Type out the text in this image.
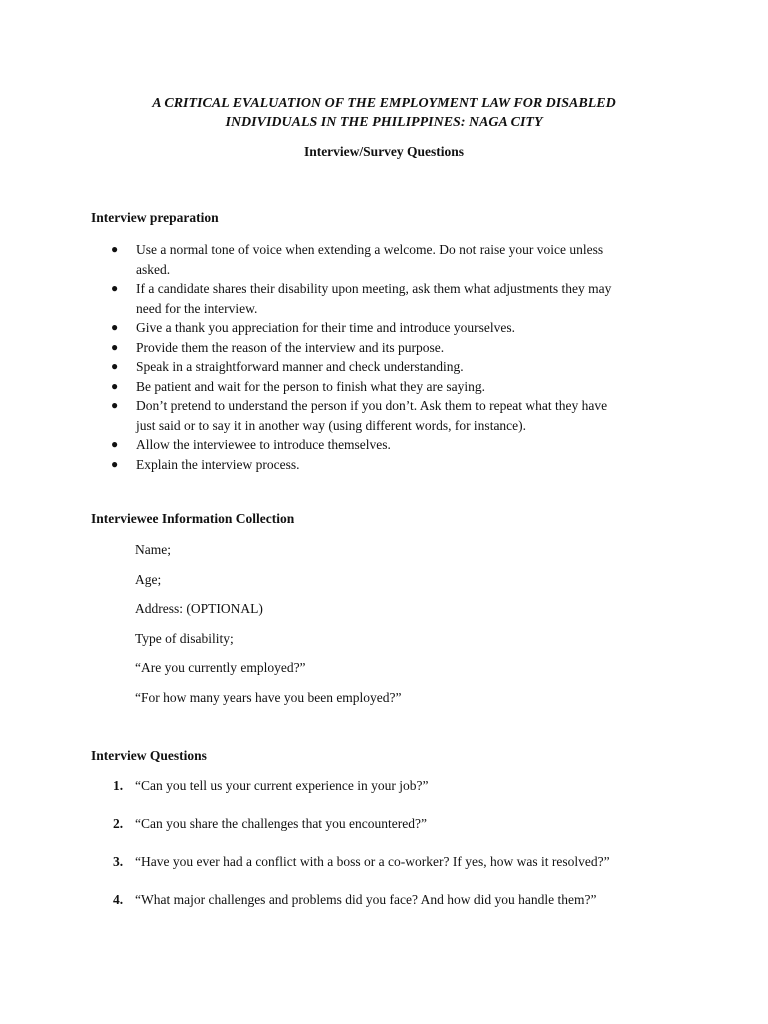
A CRITICAL EVALUATION OF THE EMPLOYMENT LAW FOR DISABLED
INDIVIDUALS IN THE PHILIPPINES: NAGA CITY
Interview/Survey Questions
Interview preparation
● Use a normal tone of voice when extending a welcome. Do not raise your voice unless
asked.
● If a candidate shares their disability upon meeting, ask them what adjustments they may
need for the interview.
● Give a thank you appreciation for their time and introduce yourselves.
● Provide them the reason of the interview and its purpose.
● Speak in a straightforward manner and check understanding.
● Be patient and wait for the person to finish what they are saying.
● Don’t pretend to understand the person if you don’t. Ask them to repeat what they have
just said or to say it in another way (using different words, for instance).
● Allow the interviewee to introduce themselves.
● Explain the interview process.
Interviewee Information Collection
Name;
Age;
Address: (OPTIONAL)
Type of disability;
“Are you currently employed?”
“For how many years have you been employed?”
Interview Questions
1. “Can you tell us your current experience in your job?”
2. “Can you share the challenges that you encountered?”
3. “Have you ever had a conflict with a boss or a co-worker? If yes, how was it resolved?”
4. “What major challenges and problems did you face? And how did you handle them?”
